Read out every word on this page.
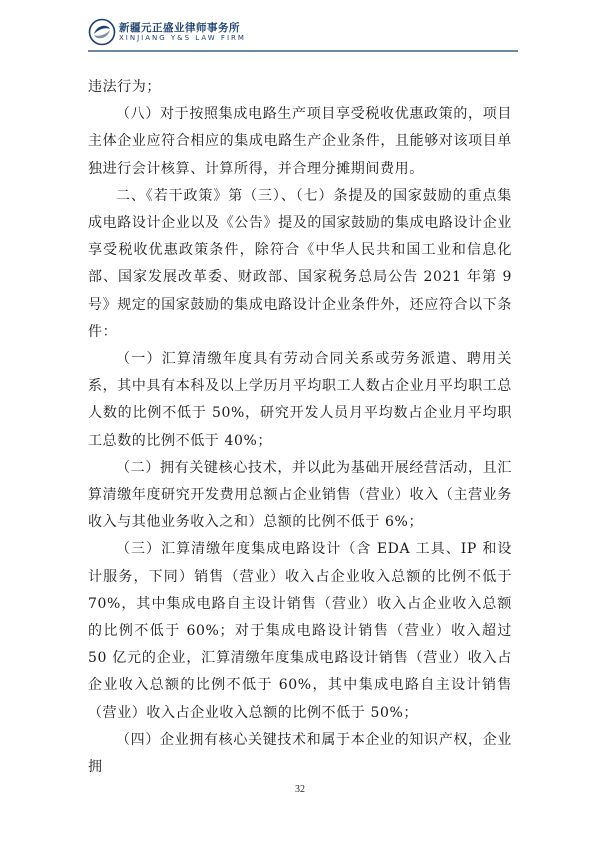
新疆元正盛业律师事务所
XINJIANG Y&S LAW FIRM

违法行为；

（八）对于按照集成电路生产项目享受税收优惠政策的，项目主体企业应符合相应的集成电路生产企业条件，且能够对该项目单独进行会计核算、计算所得，并合理分摊期间费用。

二、《若干政策》第（三）、（七）条提及的国家鼓励的重点集成电路设计企业以及《公告》提及的国家鼓励的集成电路设计企业享受税收优惠政策条件，除符合《中华人民共和国工业和信息化部、国家发展改革委、财政部、国家税务总局公告 2021 年第 9 号》规定的国家鼓励的集成电路设计企业条件外，还应符合以下条件：

（一）汇算清缴年度具有劳动合同关系或劳务派遣、聘用关系，其中具有本科及以上学历月平均职工人数占企业月平均职工总人数的比例不低于 50%，研究开发人员月平均数占企业月平均职工总数的比例不低于 40%；

（二）拥有关键核心技术，并以此为基础开展经营活动，且汇算清缴年度研究开发费用总额占企业销售（营业）收入（主营业务收入与其他业务收入之和）总额的比例不低于 6%；

（三）汇算清缴年度集成电路设计（含 EDA 工具、IP 和设计服务，下同）销售（营业）收入占企业收入总额的比例不低于 70%，其中集成电路自主设计销售（营业）收入占企业收入总额的比例不低于 60%；对于集成电路设计销售（营业）收入超过 50 亿元的企业，汇算清缴年度集成电路设计销售（营业）收入占企业收入总额的比例不低于 60%，其中集成电路自主设计销售（营业）收入占企业收入总额的比例不低于 50%；

（四）企业拥有核心关键技术和属于本企业的知识产权，企业拥

32
